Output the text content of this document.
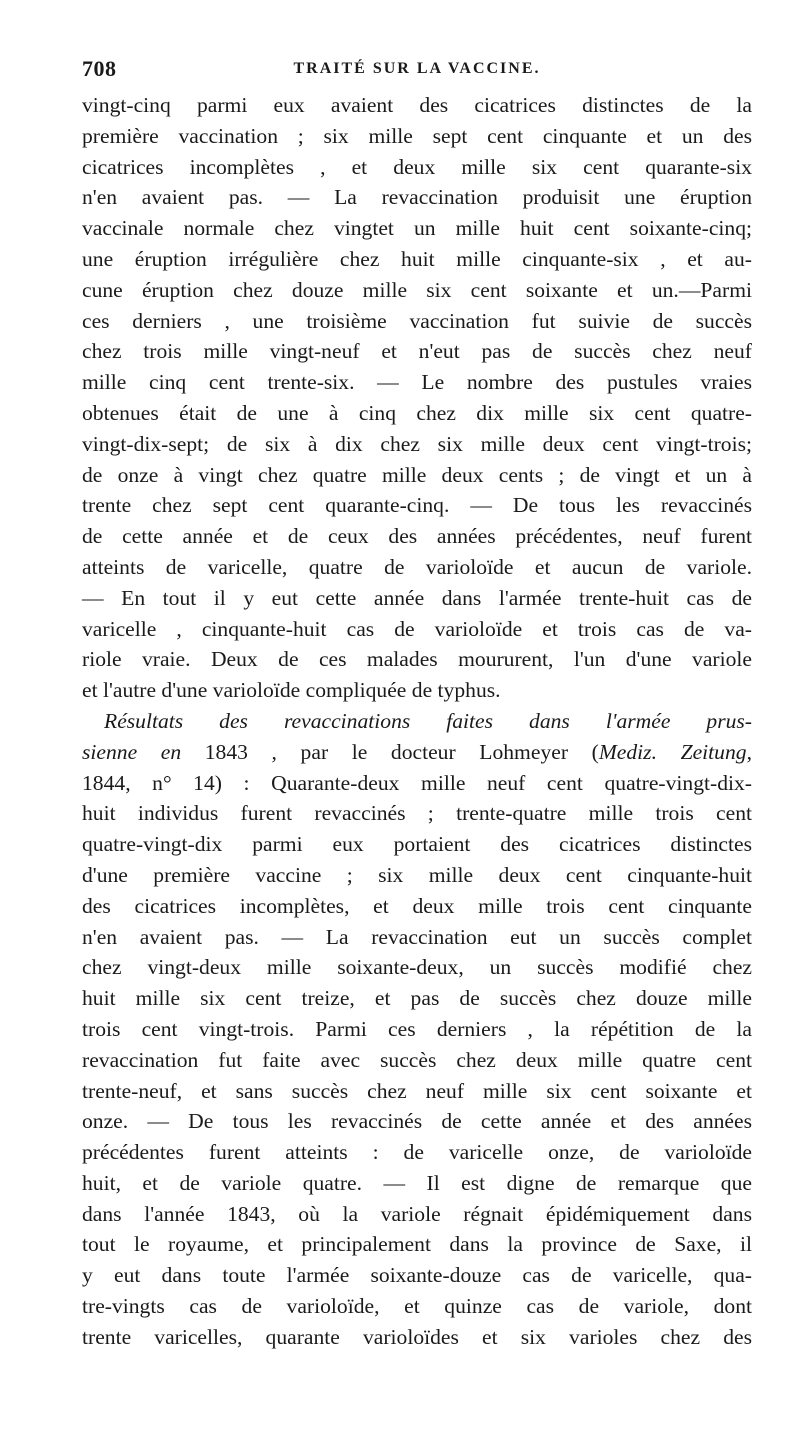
708	TRAITÉ SUR LA VACCINE.
vingt-cinq parmi eux avaient des cicatrices distinctes de la
première vaccination ; six mille sept cent cinquante et un des
cicatrices incomplètes , et deux mille six cent quarante-six
n'en avaient pas. — La revaccination produisit une éruption
vaccinale normale chez vingtet un mille huit cent soixante-cinq;
une éruption irrégulière chez huit mille cinquante-six , et au-
cune éruption chez douze mille six cent soixante et un.—Parmi
ces derniers , une troisième vaccination fut suivie de succès
chez trois mille vingt-neuf et n'eut pas de succès chez neuf
mille cinq cent trente-six. — Le nombre des pustules vraies
obtenues était de une à cinq chez dix mille six cent quatre-
vingt-dix-sept; de six à dix chez six mille deux cent vingt-trois;
de onze à vingt chez quatre mille deux cents ; de vingt et un à
trente chez sept cent quarante-cinq. — De tous les revaccinés
de cette année et de ceux des années précédentes, neuf furent
atteints de varicelle, quatre de varioloïde et aucun de variole.
— En tout il y eut cette année dans l'armée trente-huit cas de
varicelle , cinquante-huit cas de varioloïde et trois cas de va-
riole vraie. Deux de ces malades moururent, l'un d'une variole
et l'autre d'une varioloïde compliquée de typhus.
Résultats des revaccinations faites dans l'armée prus-
sienne en 1843 , par le docteur Lohmeyer (Mediz. Zeitung,
1844, n° 14) : Quarante-deux mille neuf cent quatre-vingt-dix-
huit individus furent revaccinés ; trente-quatre mille trois cent
quatre-vingt-dix parmi eux portaient des cicatrices distinctes
d'une première vaccine ; six mille deux cent cinquante-huit
des cicatrices incomplètes, et deux mille trois cent cinquante
n'en avaient pas. — La revaccination eut un succès complet
chez vingt-deux mille soixante-deux, un succès modifié chez
huit mille six cent treize, et pas de succès chez douze mille
trois cent vingt-trois. Parmi ces derniers , la répétition de la
revaccination fut faite avec succès chez deux mille quatre cent
trente-neuf, et sans succès chez neuf mille six cent soixante et
onze. — De tous les revaccinés de cette année et des années
précédentes furent atteints : de varicelle onze, de varioloïde
huit, et de variole quatre. — Il est digne de remarque que
dans l'année 1843, où la variole régnait épidémiquement dans
tout le royaume, et principalement dans la province de Saxe, il
y eut dans toute l'armée soixante-douze cas de varicelle, qua-
tre-vingts cas de varioloïde, et quinze cas de variole, dont
trente varicelles, quarante varioloïdes et six varioles chez des
